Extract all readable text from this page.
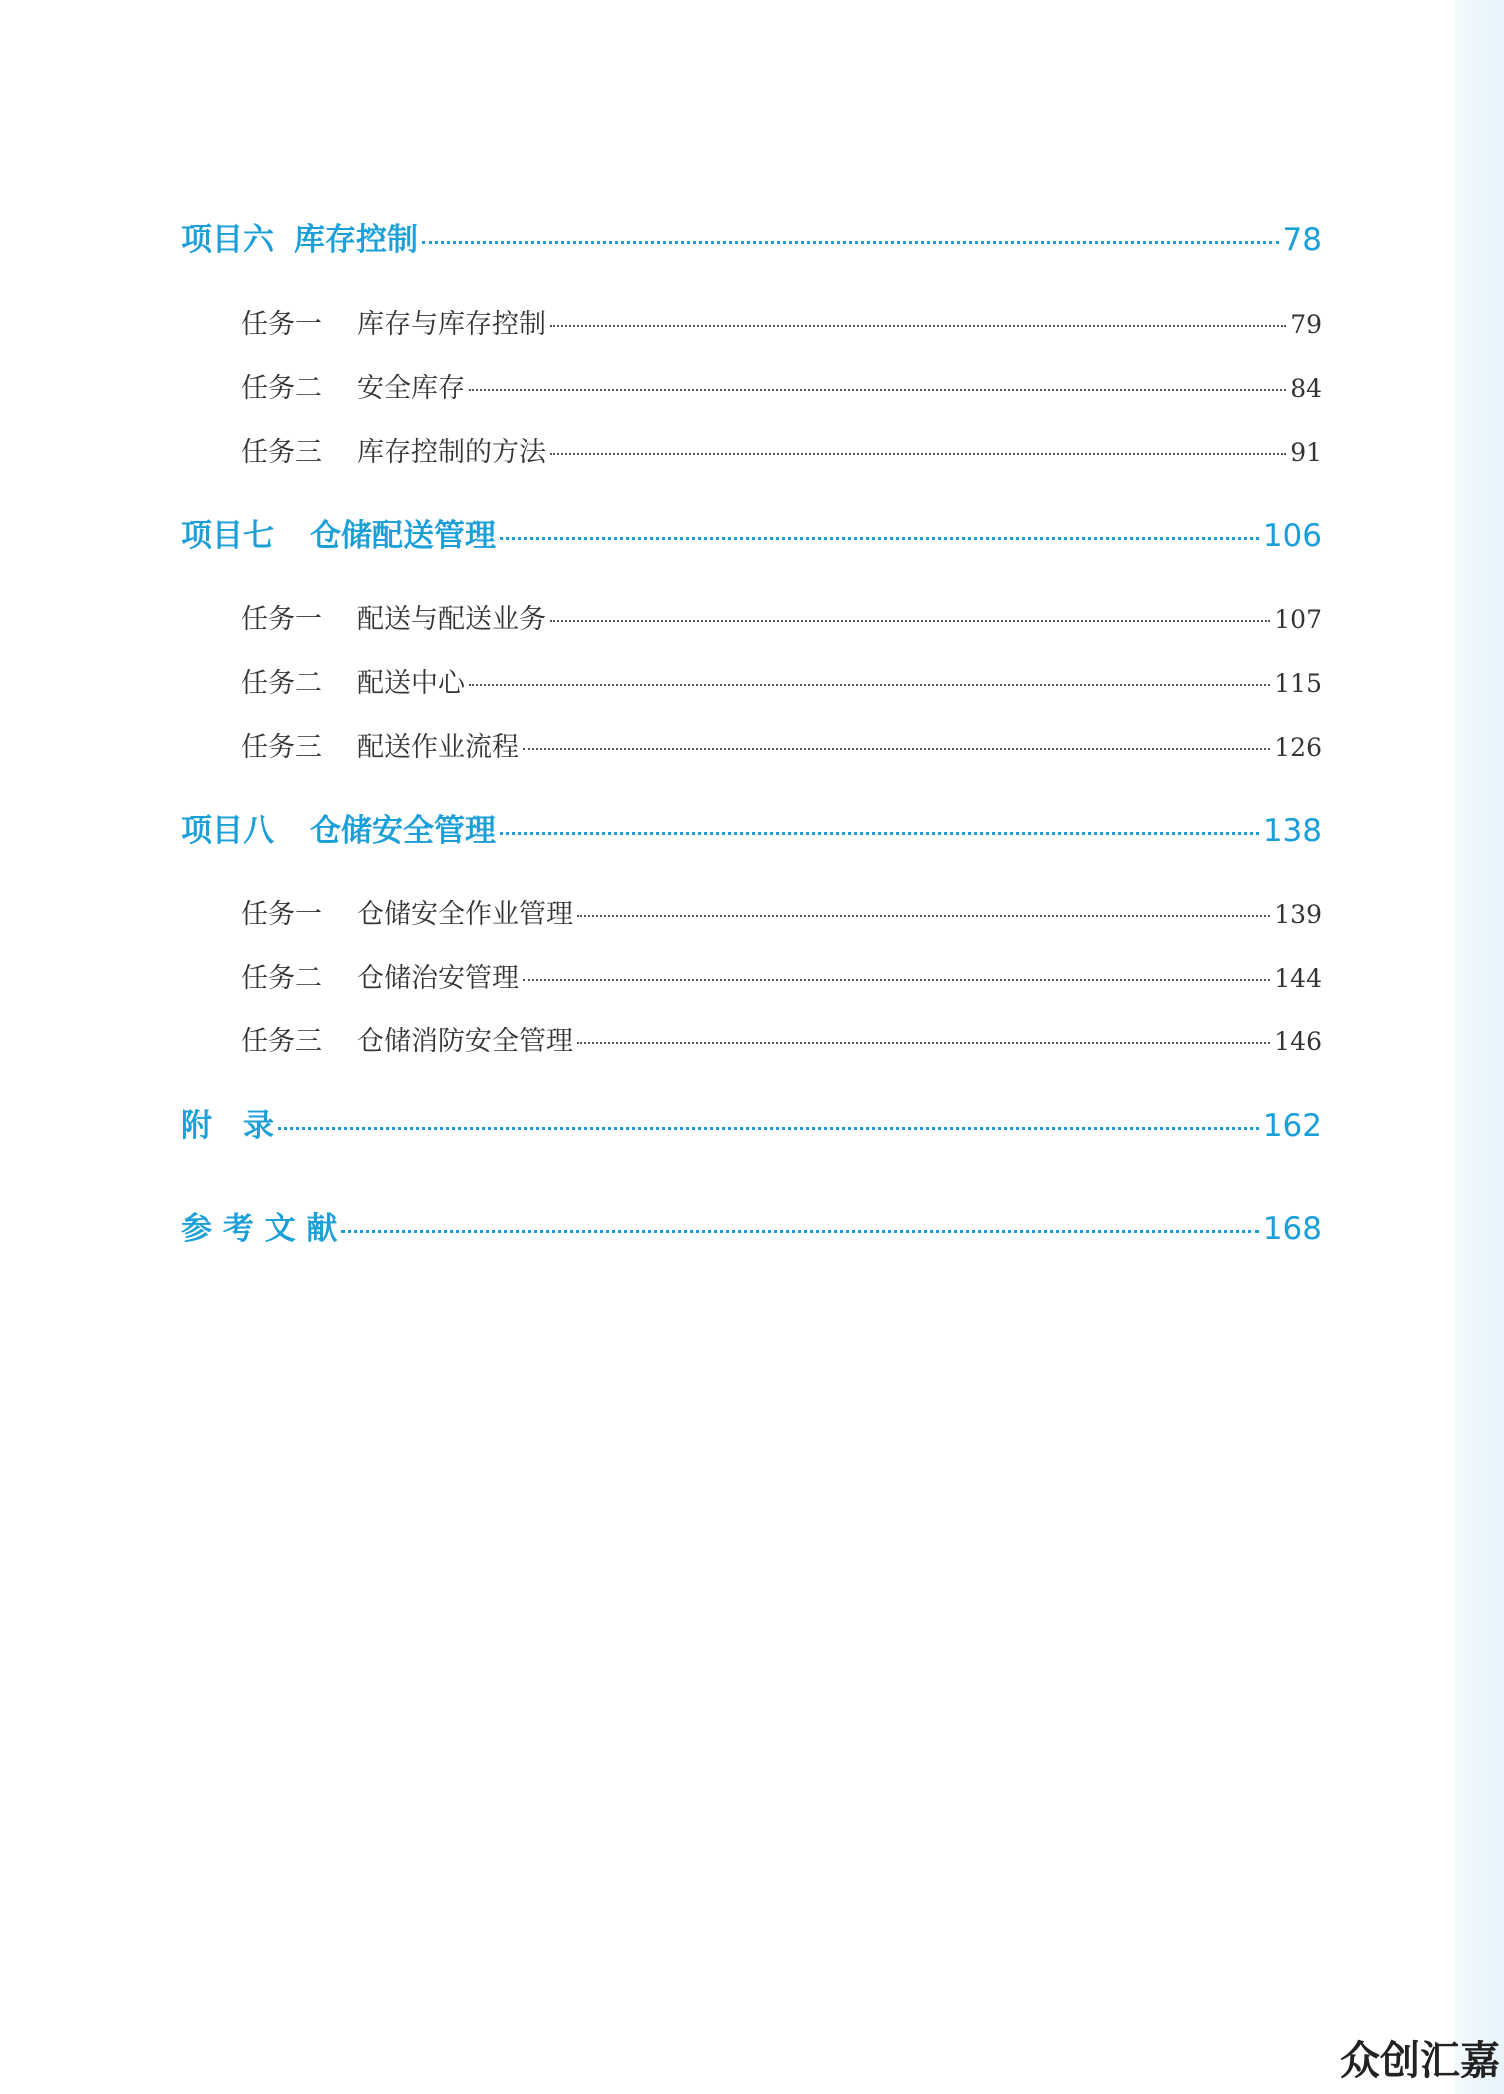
项目六 库存控制	78
任务一	库存与库存控制	79
任务二	安全库存	84
任务三	库存控制的方法	91
项目七 仓储配送管理	106
任务一	配送与配送业务	107
任务二	配送中心	115
任务三	配送作业流程	126
项目八 仓储安全管理	138
任务一	仓储安全作业管理	139
任务二	仓储治安管理	144
任务三	仓储消防安全管理	146
附　录	162
参 考 文 献	168
众创汇嘉
